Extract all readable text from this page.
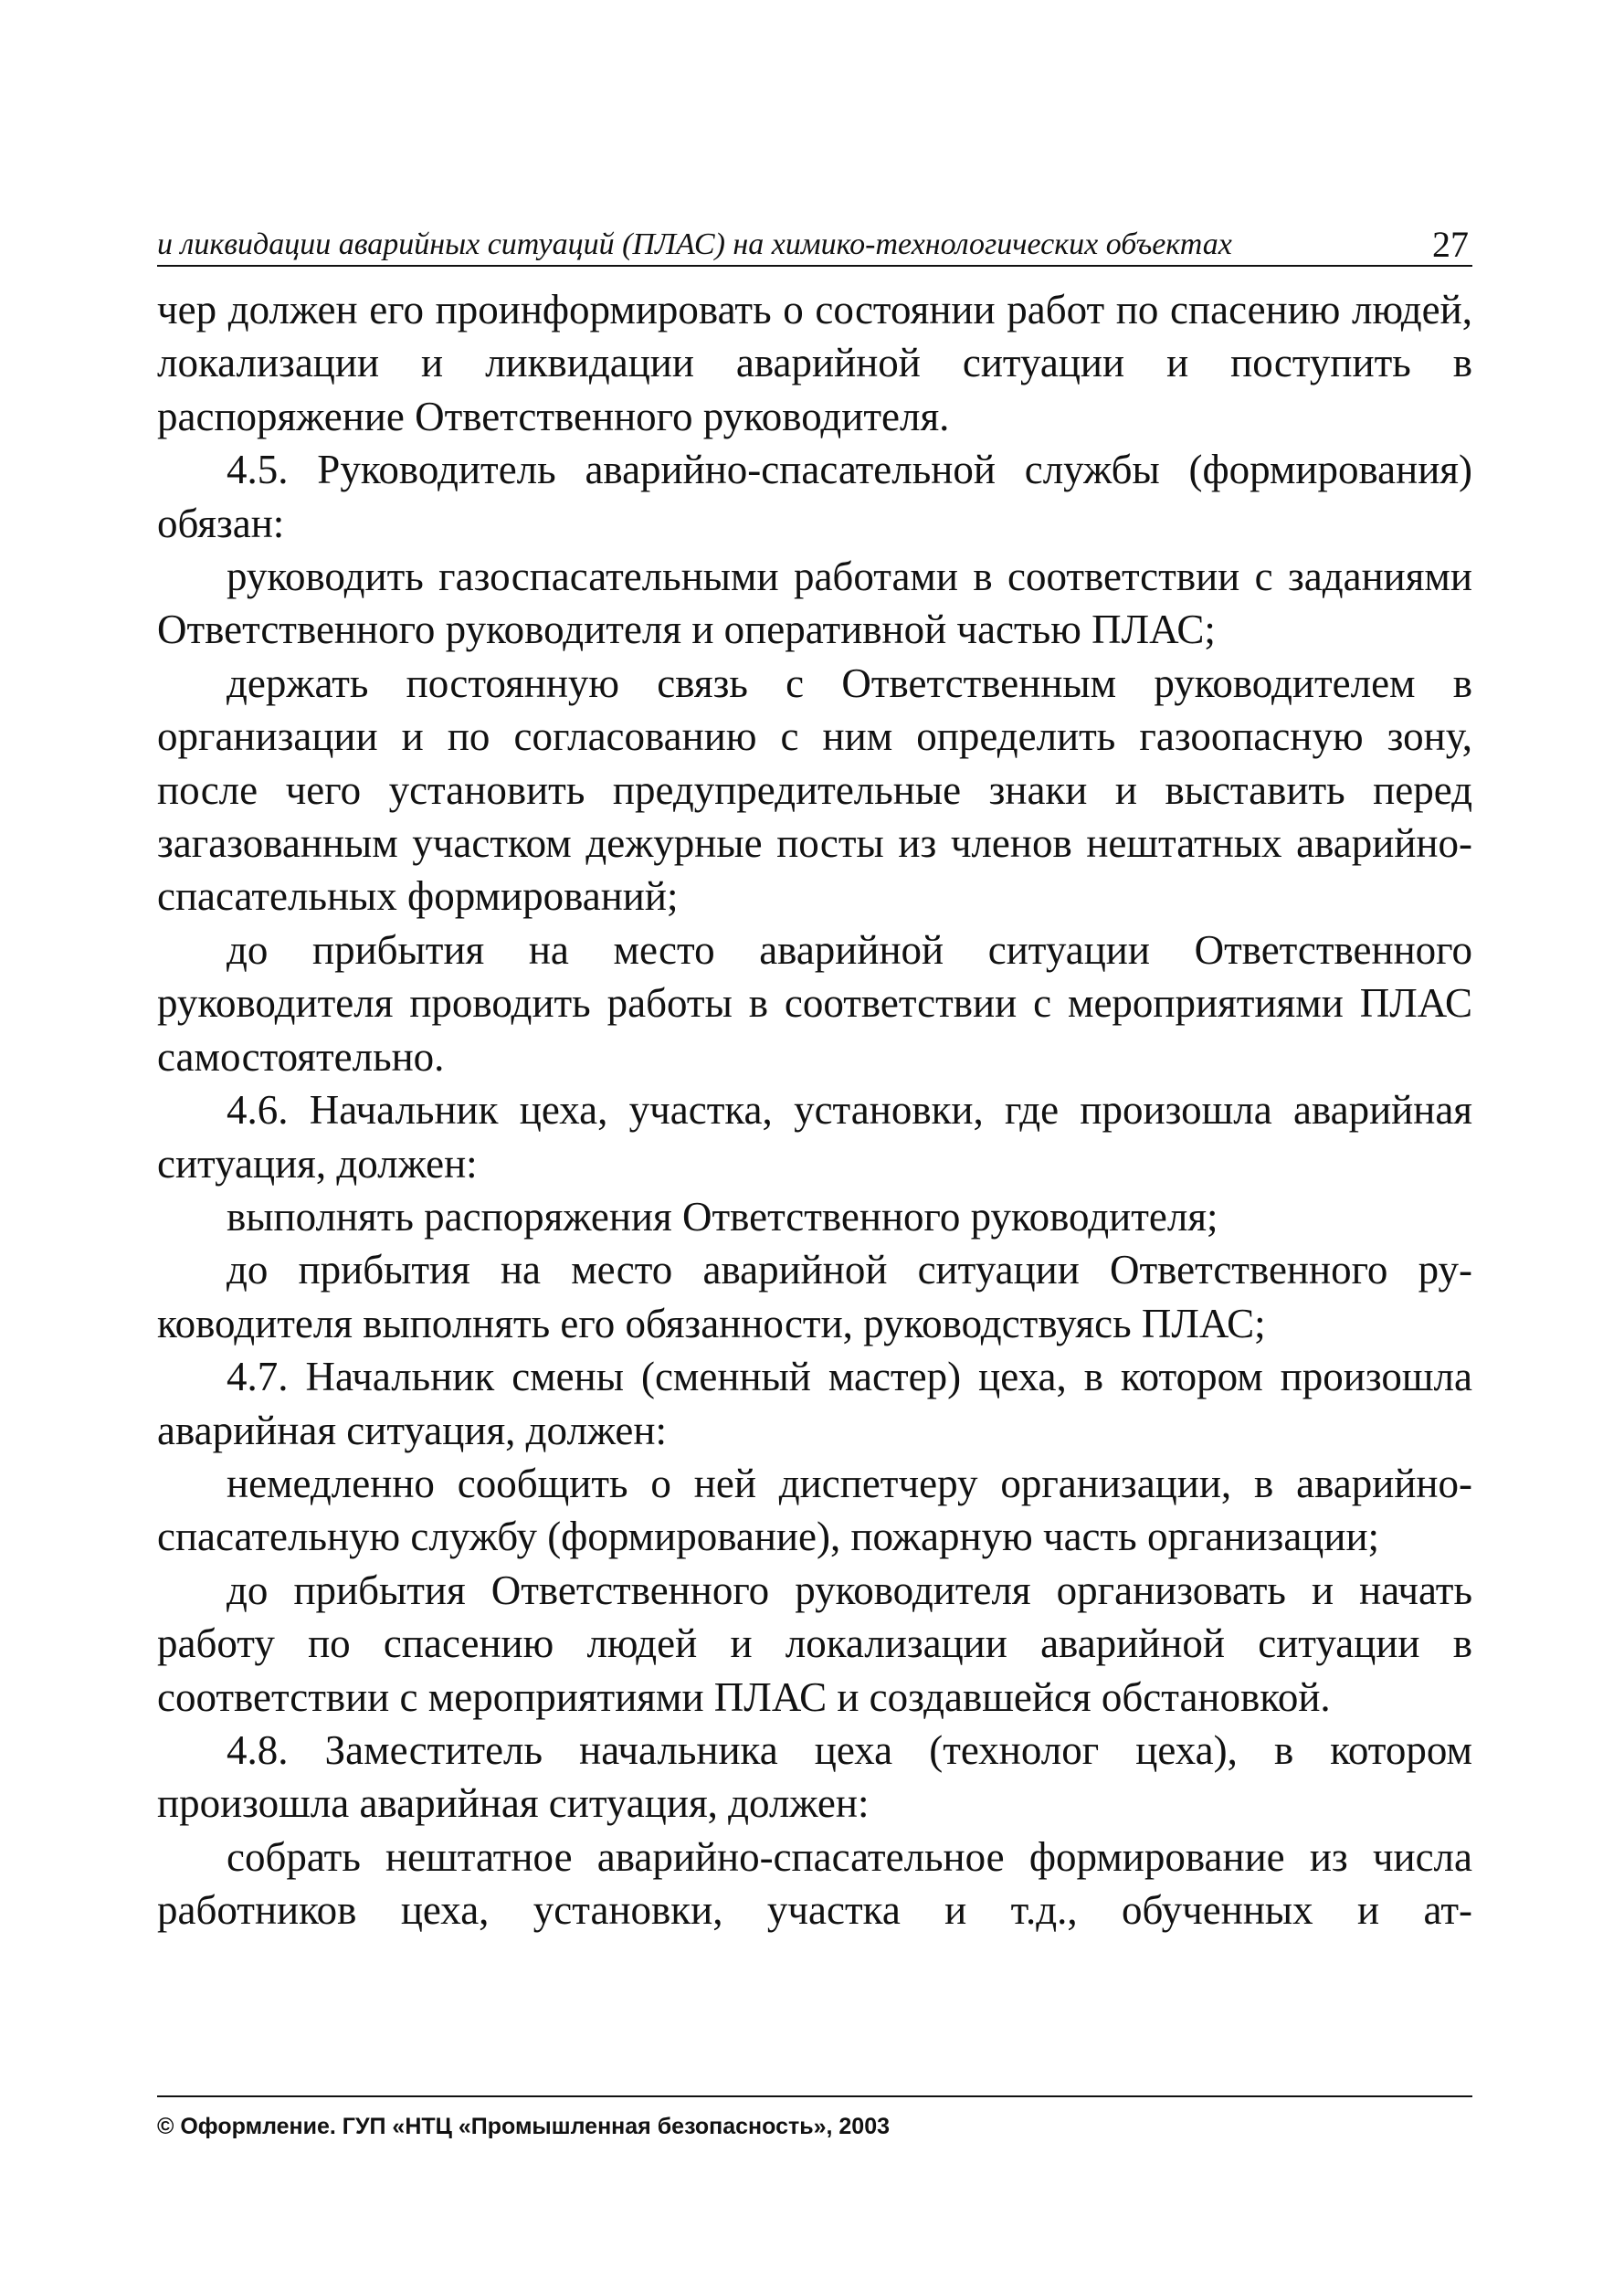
и ликвидации аварийных ситуаций (ПЛАС) на химико-технологических объектах	27

чер должен его проинформировать о состоянии работ по спасению людей, локализации и ликвидации аварийной ситуации и поступить в распоряжение Ответственного руководителя.

4.5. Руководитель аварийно-спасательной службы (формирования) обязан:

руководить газоспасательными работами в соответствии с заданиями Ответственного руководителя и оперативной частью ПЛАС;

держать постоянную связь с Ответственным руководителем в организации и по согласованию с ним определить газоопасную зону, после чего установить предупредительные знаки и выставить перед загазованным участком дежурные посты из членов нештатных аварийно-спасательных формирований;

до прибытия на место аварийной ситуации Ответственного руководителя проводить работы в соответствии с мероприятиями ПЛАС самостоятельно.

4.6. Начальник цеха, участка, установки, где произошла аварийная ситуация, должен:

выполнять распоряжения Ответственного руководителя;

до прибытия на место аварийной ситуации Ответственного руководителя выполнять его обязанности, руководствуясь ПЛАС;

4.7. Начальник смены (сменный мастер) цеха, в котором произошла аварийная ситуация, должен:

немедленно сообщить о ней диспетчеру организации, в аварийно-спасательную службу (формирование), пожарную часть организации;

до прибытия Ответственного руководителя организовать и начать работу по спасению людей и локализации аварийной ситуации в соответствии с мероприятиями ПЛАС и создавшейся обстановкой.

4.8. Заместитель начальника цеха (технолог цеха), в котором произошла аварийная ситуация, должен:

собрать нештатное аварийно-спасательное формирование из числа работников цеха, установки, участка и т.д., обученных и ат-

© Оформление. ГУП «НТЦ «Промышленная безопасность», 2003
